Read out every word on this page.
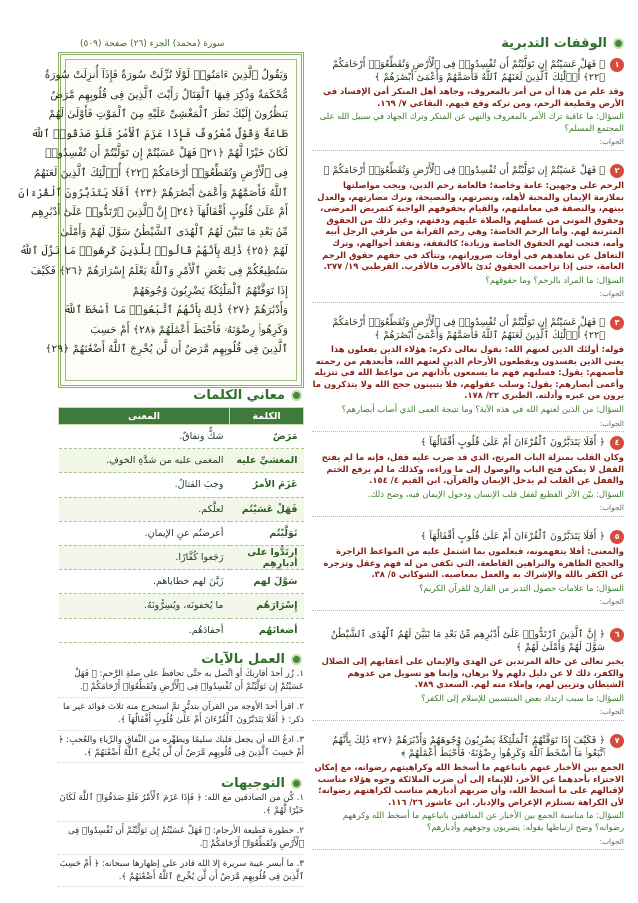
سورة (محمد) الجزء (٢٦) صفحة (٥٠٩)
وَيَقُولُ ٱلَّذِينَ ءَامَنُوا۟ لَوْلَا نُزِّلَتْ سُورَةٌ فَإِذَآ أُنزِلَتْ سُورَةٌ
مُّحْكَمَةٌ وَذُكِرَ فِيهَا ٱلْقِتَالُ رَأَيْتَ ٱلَّذِينَ فِى قُلُوبِهِم مَّرَضٌ
يَنظُرُونَ إِلَيْكَ نَظَرَ ٱلْمَغْشِىِّ عَلَيْهِ مِنَ ٱلْمَوْتِ فَأَوْلَىٰ لَهُمْ
طَاعَةٌ وَقَوْلٌ مَّعْرُوفٌ فَإِذَا عَزَمَ ٱلْأَمْرُ فَلَوْ صَدَقُوا۟ ٱللَّهَ
لَكَانَ خَيْرًا لَّهُمْ ﴿٢١﴾ فَهَلْ عَسَيْتُمْ إِن تَوَلَّيْتُمْ أَن تُفْسِدُوا۟
فِى ٱلْأَرْضِ وَتُقَطِّعُوٓا۟ أَرْحَامَكُمْ ﴿٢٢﴾ أُو۟لَٰٓئِكَ ٱلَّذِينَ لَعَنَهُمُ
ٱللَّهُ فَأَصَمَّهُمْ وَأَعْمَىٰٓ أَبْصَٰرَهُمْ ﴿٢٣﴾ أَفَلَا يَتَدَبَّرُونَ ٱلْقُرْءَانَ
أَمْ عَلَىٰ قُلُوبٍ أَقْفَالُهَآ ﴿٢٤﴾ إِنَّ ٱلَّذِينَ ٱرْتَدُّوا۟ عَلَىٰٓ أَدْبَٰرِهِم
مِّنۢ بَعْدِ مَا تَبَيَّنَ لَهُمُ ٱلْهُدَى ٱلشَّيْطَٰنُ سَوَّلَ لَهُمْ وَأَمْلَىٰ
لَهُمْ ﴿٢٥﴾ ذَٰلِكَ بِأَنَّهُمْ قَالُوا۟ لِلَّذِينَ كَرِهُوا۟ مَا نَزَّلَ ٱللَّهُ
سَنُطِيعُكُمْ فِى بَعْضِ ٱلْأَمْرِ وَٱللَّهُ يَعْلَمُ إِسْرَارَهُمْ ﴿٢٦﴾ فَكَيْفَ
إِذَا تَوَفَّتْهُمُ ٱلْمَلَٰٓئِكَةُ يَضْرِبُونَ وُجُوهَهُمْ
وَأَدْبَٰرَهُمْ ﴿٢٧﴾ ذَٰلِكَ بِأَنَّهُمُ ٱتَّبَعُوا۟ مَآ أَسْخَطَ ٱللَّهَ
وَكَرِهُوا۟ رِضْوَٰنَهُۥ فَأَحْبَطَ أَعْمَٰلَهُمْ ﴿٢٨﴾ أَمْ حَسِبَ
ٱلَّذِينَ فِى قُلُوبِهِم مَّرَضٌ أَن لَّن يُخْرِجَ ٱللَّهُ أَضْغَٰنَهُمْ ﴿٢٩﴾
معاني الكلمات
الكلمة	المعنى
مَرَضٌ	شكٌّ ونفاقٌ.
المغشيِّ عليه	المغمى عليه من شدَّةِ الخوفِ.
عَزَمَ الأمرُ	وجبَ القتالُ.
فَهَلْ عَسَيْتُم	لعلَّكم.
تَوَلَّيْتُم	أعرضتُم عنِ الإيمانِ.
ارتَدُّوا على أدبارِهِم	رَجَعوا كُفَّارًا.
سَوَّلَ لهم	زَيَّنَ لهم خطاياهم.
إِسْرَارَهُم	ما يُخفونَه، ويُسِرُّونَهُ.
أضغانَهُم	أحقادَهُم.
العمل بالآيات
١. زُر أحدَ أقاربكَ أو اتَّصل به حتَّى تحافظَ على صلةِ الرَّحمِ: ﴿ فَهَلْ عَسَيْتُمْ إِن تَوَلَّيْتُمْ أَن تُفْسِدُوا۟ فِى ٱلْأَرْضِ وَتُقَطِّعُوٓا۟ أَرْحَامَكُمْ ﴾.
٢. اقرأ أحدَ الأوجه من القرآن بتدبُّرٍ ثمَّ استخرج منه ثلاث فوائد غير ما ذكر: ﴿ أَفَلَا يَتَدَبَّرُونَ ٱلْقُرْءَانَ أَمْ عَلَىٰ قُلُوبٍ أَقْفَالُهَآ ﴾.
٣. ادعُ الله أن يجعل قلبك سليمًا ويطهِّره من النِّفاقِ والرِّياءِ والعُجبِ: ﴿ أَمْ حَسِبَ ٱلَّذِينَ فِى قُلُوبِهِم مَّرَضٌ أَن لَّن يُخْرِجَ ٱللَّهُ أَضْغَٰنَهُمْ ﴾.
التوجيهات
١. كُن من الصادقين مع الله: ﴿ فَإِذَا عَزَمَ ٱلْأَمْرُ فَلَوْ صَدَقُوا۟ ٱللَّهَ لَكَانَ خَيْرًا لَّهُمْ ﴾.
٢. خطورة قطيعة الأرحام: ﴿ فَهَلْ عَسَيْتُمْ إِن تَوَلَّيْتُمْ أَن تُفْسِدُوا۟ فِى ٱلْأَرْضِ وَتُقَطِّعُوٓا۟ أَرْحَامَكُمْ ﴾.
٣. ما أيسر عيبة سريرة إلا الله قادر على إظهارها سبحانه: ﴿ أَمْ حَسِبَ ٱلَّذِينَ فِى قُلُوبِهِم مَّرَضٌ أَن لَّن يُخْرِجَ ٱللَّهُ أَضْغَٰنَهُمْ ﴾.
الوقفات التدبرية
١
﴿ فَهَلْ عَسَيْتُمْ إِن تَوَلَّيْتُمْ أَن تُفْسِدُوا۟ فِى ٱلْأَرْضِ وَتُقَطِّعُوٓا۟ أَرْحَامَكُمْ ﴿٢٢﴾ أُو۟لَٰٓئِكَ ٱلَّذِينَ لَعَنَهُمُ ٱللَّهُ فَأَصَمَّهُمْ وَأَعْمَىٰٓ أَبْصَٰرَهُمْ ﴾
وقد علم من هذا أن من أمر بالمعروف، وجاهد أهل المنكر أمن الإفساد في الأرض وقطيعة الرحم، ومن تركه وقع فيهم. البقاعي ٧/ ١٦٩.
السؤال: ما عاقبة ترك الأمر بالمعروف والنهي عن المنكر وترك الجهاد في سبيل الله على المجتمع المسلم؟
الجواب:
٢
﴿ فَهَلْ عَسَيْتُمْ إِن تَوَلَّيْتُمْ أَن تُفْسِدُوا۟ فِى ٱلْأَرْضِ وَتُقَطِّعُوٓا۟ أَرْحَامَكُمْ ﴾
الرحم على وجهين: عامة وخاصة؛ فالعامة رحم الدين، ويجب مواصلتها بملازمة الإيمان والمحبة لأهله، ونصرتهم، والنصيحة، وترك مضارتهم، والعدل بينهم، والنصفة في معاملتهم، والقيام بحقوقهم الواجبة كتمريض المرضى، وحقوق الموتى من غسلهم والصلاة عليهم ودفنهم، وغير ذلك من الحقوق المترتبة لهم. وأما الرحم الخاصة: وهي رحم القرابة من طرفي الرجل أبيه وأمه، فتجب لهم الحقوق الخاصة وزيادة؛ كالنفقة، وتفقد أحوالهم، وترك التغافل عن تعاهدهم في أوقات ضروراتهم، وتتأكد في حقهم حقوق الرحم العامة، حتى إذا تزاحمت الحقوق بُدئ بالأقرب فالأقرب. القرطبي ١٩/ ٢٧٧.
السؤال: ما المراد بالرحم؟ وما حقوقهم؟
الجواب:
٣
﴿ فَهَلْ عَسَيْتُمْ إِن تَوَلَّيْتُمْ أَن تُفْسِدُوا۟ فِى ٱلْأَرْضِ وَتُقَطِّعُوٓا۟ أَرْحَامَكُمْ ﴿٢٢﴾ أُو۟لَٰٓئِكَ ٱلَّذِينَ لَعَنَهُمُ ٱللَّهُ فَأَصَمَّهُمْ وَأَعْمَىٰٓ أَبْصَٰرَهُمْ ﴾
قوله: أولئك الذين لعنهم الله: يقول تعالى ذكره: هؤلاء الذين يفعلون هذا يعني الذين يفسدون ويقطعون الأرحام الذين لعنهم الله، فأبعدهم من رحمته فأصمهم: يقول: فسلبهم فهم ما يسمعون بآذانهم من مواعظ الله في تنزيله وأعمى أبصارهم: يقول: وسلب عقولهم، فلا يتبينون حجج الله ولا يتذكرون ما يرون من عبره وأدلته. الطبري ٢٢/ ١٧٨.
السؤال: من الذين لعنهم الله في هذه الآية؟ وما نتيجة العمى الذي أصاب أبصارهم؟
الجواب:
٤
﴿ أَفَلَا يَتَدَبَّرُونَ ٱلْقُرْءَانَ أَمْ عَلَىٰ قُلُوبٍ أَقْفَالُهَآ ﴾
وكان القلب بمنزلة الباب المرتج، الذي قد ضرب عليه قفل، فإنه ما لم يفتح القفل لا يمكن فتح الباب والوصول إلى ما وراءه، وكذلك ما لم يرفع الختم والقفل عن القلب لم يدخل الإيمان والقرآن. ابن القيم ٤/ ١٥٤.
السؤال: بيّن الأثر الفظيع لقفل قلب الإنسان ودخول الإيمان فيه، وضح ذلك.
الجواب:
٥
﴿ أَفَلَا يَتَدَبَّرُونَ ٱلْقُرْءَانَ أَمْ عَلَىٰ قُلُوبٍ أَقْفَالُهَآ ﴾
والمعنى: أفلا يتفهمونه، فيعلمون بما اشتمل عليه من المواعظ الزاجرة والحجج الظاهرة والبراهين القاطعة، التي تكفي من له فهم وعقل وتزجره عن الكفر بالله والإشراك به والعمل بمعاصيه. الشوكاني ٥/ ٣٨.
السؤال: ما علامات حصول التدبر من القارئ للقرآن الكريم؟
الجواب:
٦
﴿ إِنَّ ٱلَّذِينَ ٱرْتَدُّوا۟ عَلَىٰٓ أَدْبَٰرِهِم مِّنۢ بَعْدِ مَا تَبَيَّنَ لَهُمُ ٱلْهُدَى ٱلشَّيْطَٰنُ سَوَّلَ لَهُمْ وَأَمْلَىٰ لَهُمْ ﴾
يخبر تعالى عن حالة المرتدين عن الهدى والإيمان على أعقابهم إلى الضلال والكفر، ذلك لا عن دليل دلهم ولا برهان، وإنما هو تسويل من عدوهم الشيطان وتزيين لهم، وإملاء منه لهم. السعدي ٧٨٩.
السؤال: ما سبب ارتداد بعض المنتسبين للإسلام إلى الكفر؟
الجواب:
٧
﴿ فَكَيْفَ إِذَا تَوَفَّتْهُمُ ٱلْمَلَٰٓئِكَةُ يَضْرِبُونَ وُجُوهَهُمْ وَأَدْبَٰرَهُمْ ﴿٢٧﴾ ذَٰلِكَ بِأَنَّهُمُ ٱتَّبَعُوا۟ مَآ أَسْخَطَ ٱللَّهَ وَكَرِهُوا۟ رِضْوَٰنَهُۥ فَأَحْبَطَ أَعْمَٰلَهُمْ ﴾
الجمع بين الأخبار عنهم باتباعهم ما أسخط الله وكراهيتهم رضوانه، مع إمكان الاجتزاء بأحدهما عن الآخر، للإيماء إلى أن ضرب الملائكة وجوه هؤلاء مناسب لإقبالهم على ما أسخط الله، وأن ضربهم أدبارهم مناسب لكراهتهم رضوانه؛ لأن الكراهة تستلزم الإعراض والإدبار. ابن عاشور ٢٦/ ١١٦.
السؤال: ما مناسبة الجمع بين الأخبار عن المنافقين باتباعهم ما أسخط الله وكرههم رضوانه؟ وضح ارتباطها بقوله: يضربون وجوههم وأدبارهم؟
الجواب:
